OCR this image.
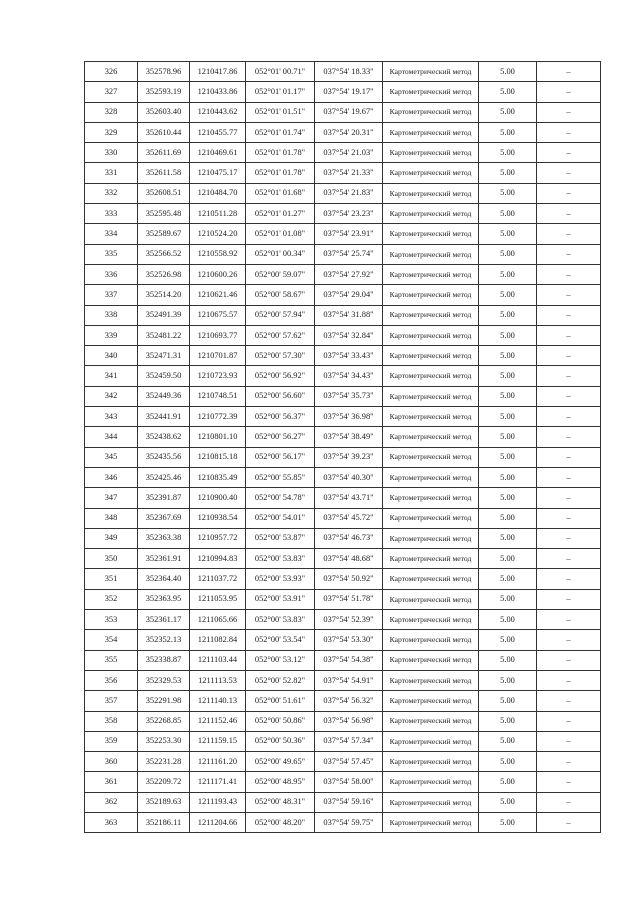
326	352578.96	1210417.86	052°01' 00.71"	037°54' 18.33"	Картометрический метод	5.00	–
327	352593.19	1210433.86	052°01' 01.17"	037°54' 19.17"	Картометрический метод	5.00	–
328	352603.40	1210443.62	052°01' 01.51"	037°54' 19.67"	Картометрический метод	5.00	–
329	352610.44	1210455.77	052°01' 01.74"	037°54' 20.31"	Картометрический метод	5.00	–
330	352611.69	1210469.61	052°01' 01.78"	037°54' 21.03"	Картометрический метод	5.00	–
331	352611.58	1210475.17	052°01' 01.78"	037°54' 21.33"	Картометрический метод	5.00	–
332	352608.51	1210484.70	052°01' 01.68"	037°54' 21.83"	Картометрический метод	5.00	–
333	352595.48	1210511.28	052°01' 01.27"	037°54' 23.23"	Картометрический метод	5.00	–
334	352589.67	1210524.20	052°01' 01.08"	037°54' 23.91"	Картометрический метод	5.00	–
335	352566.52	1210558.92	052°01' 00.34"	037°54' 25.74"	Картометрический метод	5.00	–
336	352526.98	1210600.26	052°00' 59.07"	037°54' 27.92"	Картометрический метод	5.00	–
337	352514.20	1210621.46	052°00' 58.67"	037°54' 29.04"	Картометрический метод	5.00	–
338	352491.39	1210675.57	052°00' 57.94"	037°54' 31.88"	Картометрический метод	5.00	–
339	352481.22	1210693.77	052°00' 57.62"	037°54' 32.84"	Картометрический метод	5.00	–
340	352471.31	1210701.87	052°00' 57.30"	037°54' 33.43"	Картометрический метод	5.00	–
341	352459.50	1210723.93	052°00' 56.92"	037°54' 34.43"	Картометрический метод	5.00	–
342	352449.36	1210748.51	052°00' 56.60"	037°54' 35.73"	Картометрический метод	5.00	–
343	352441.91	1210772.39	052°00' 56.37"	037°54' 36.98"	Картометрический метод	5.00	–
344	352438.62	1210801.10	052°00' 56.27"	037°54' 38.49"	Картометрический метод	5.00	–
345	352435.56	1210815.18	052°00' 56.17"	037°54' 39.23"	Картометрический метод	5.00	–
346	352425.46	1210835.49	052°00' 55.85"	037°54' 40.30"	Картометрический метод	5.00	–
347	352391.87	1210900.40	052°00' 54.78"	037°54' 43.71"	Картометрический метод	5.00	–
348	352367.69	1210938.54	052°00' 54.01"	037°54' 45.72"	Картометрический метод	5.00	–
349	352363.38	1210957.72	052°00' 53.87"	037°54' 46.73"	Картометрический метод	5.00	–
350	352361.91	1210994.83	052°00' 53.83"	037°54' 48.68"	Картометрический метод	5.00	–
351	352364.40	1211037.72	052°00' 53.93"	037°54' 50.92"	Картометрический метод	5.00	–
352	352363.95	1211053.95	052°00' 53.91"	037°54' 51.78"	Картометрический метод	5.00	–
353	352361.17	1211065.66	052°00' 53.83"	037°54' 52.39"	Картометрический метод	5.00	–
354	352352.13	1211082.84	052°00' 53.54"	037°54' 53.30"	Картометрический метод	5.00	–
355	352338.87	1211103.44	052°00' 53.12"	037°54' 54.38"	Картометрический метод	5.00	–
356	352329.53	1211113.53	052°00' 52.82"	037°54' 54.91"	Картометрический метод	5.00	–
357	352291.98	1211140.13	052°00' 51.61"	037°54' 56.32"	Картометрический метод	5.00	–
358	352268.85	1211152.46	052°00' 50.86"	037°54' 56.98"	Картометрический метод	5.00	–
359	352253.30	1211159.15	052°00' 50.36"	037°54' 57.34"	Картометрический метод	5.00	–
360	352231.28	1211161.20	052°00' 49.65"	037°54' 57.45"	Картометрический метод	5.00	–
361	352209.72	1211171.41	052°00' 48.95"	037°54' 58.00"	Картометрический метод	5.00	–
362	352189.63	1211193.43	052°00' 48.31"	037°54' 59.16"	Картометрический метод	5.00	–
363	352186.11	1211204.66	052°00' 48.20"	037°54' 59.75"	Картометрический метод	5.00	–
